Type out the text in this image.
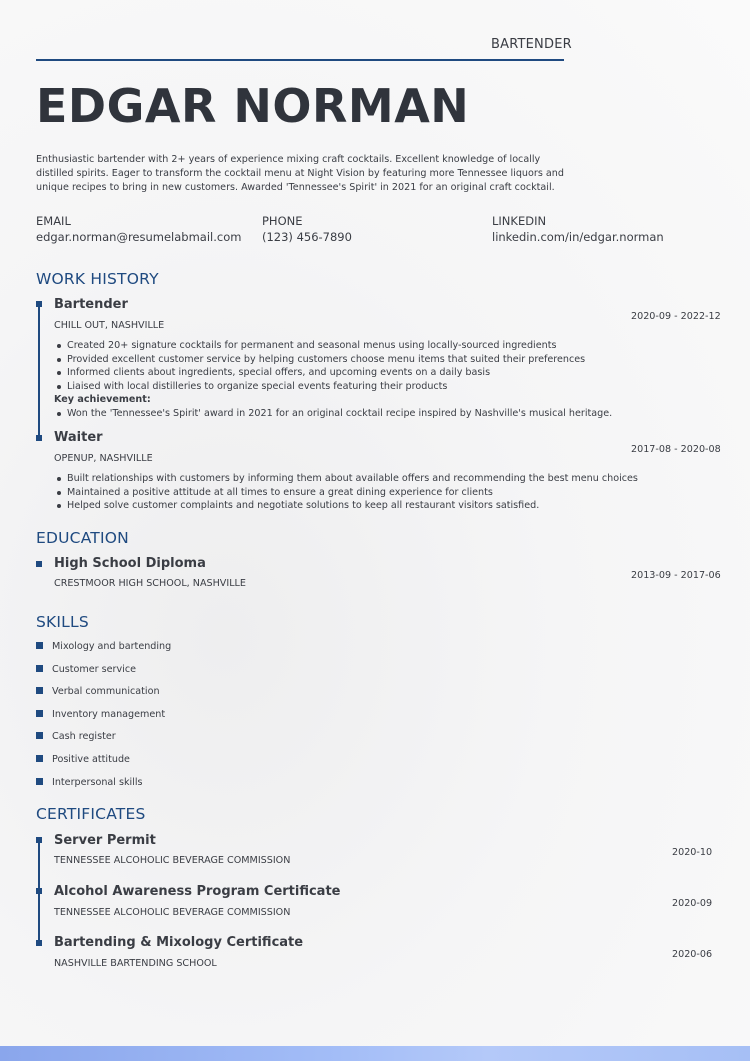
BARTENDER
EDGAR NORMAN
Enthusiastic bartender with 2+ years of experience mixing craft cocktails. Excellent knowledge of locally distilled spirits. Eager to transform the cocktail menu at Night Vision by featuring more Tennessee liquors and unique recipes to bring in new customers. Awarded 'Tennessee's Spirit' in 2021 for an original craft cocktail.
EMAIL
edgar.norman@resumelabmail.com
PHONE
(123) 456-7890
LINKEDIN
linkedin.com/in/edgar.norman
WORK HISTORY
Bartender
CHILL OUT, NASHVILLE
2020-09 - 2022-12
Created 20+ signature cocktails for permanent and seasonal menus using locally-sourced ingredients
Provided excellent customer service by helping customers choose menu items that suited their preferences
Informed clients about ingredients, special offers, and upcoming events on a daily basis
Liaised with local distilleries to organize special events featuring their products
Key achievement:
Won the 'Tennessee's Spirit' award in 2021 for an original cocktail recipe inspired by Nashville's musical heritage.
Waiter
OPENUP, NASHVILLE
2017-08 - 2020-08
Built relationships with customers by informing them about available offers and recommending the best menu choices
Maintained a positive attitude at all times to ensure a great dining experience for clients
Helped solve customer complaints and negotiate solutions to keep all restaurant visitors satisfied.
EDUCATION
High School Diploma
CRESTMOOR HIGH SCHOOL, NASHVILLE
2013-09 - 2017-06
SKILLS
Mixology and bartending
Customer service
Verbal communication
Inventory management
Cash register
Positive attitude
Interpersonal skills
CERTIFICATES
Server Permit
TENNESSEE ALCOHOLIC BEVERAGE COMMISSION
2020-10
Alcohol Awareness Program Certificate
TENNESSEE ALCOHOLIC BEVERAGE COMMISSION
2020-09
Bartending & Mixology Certificate
NASHVILLE BARTENDING SCHOOL
2020-06
